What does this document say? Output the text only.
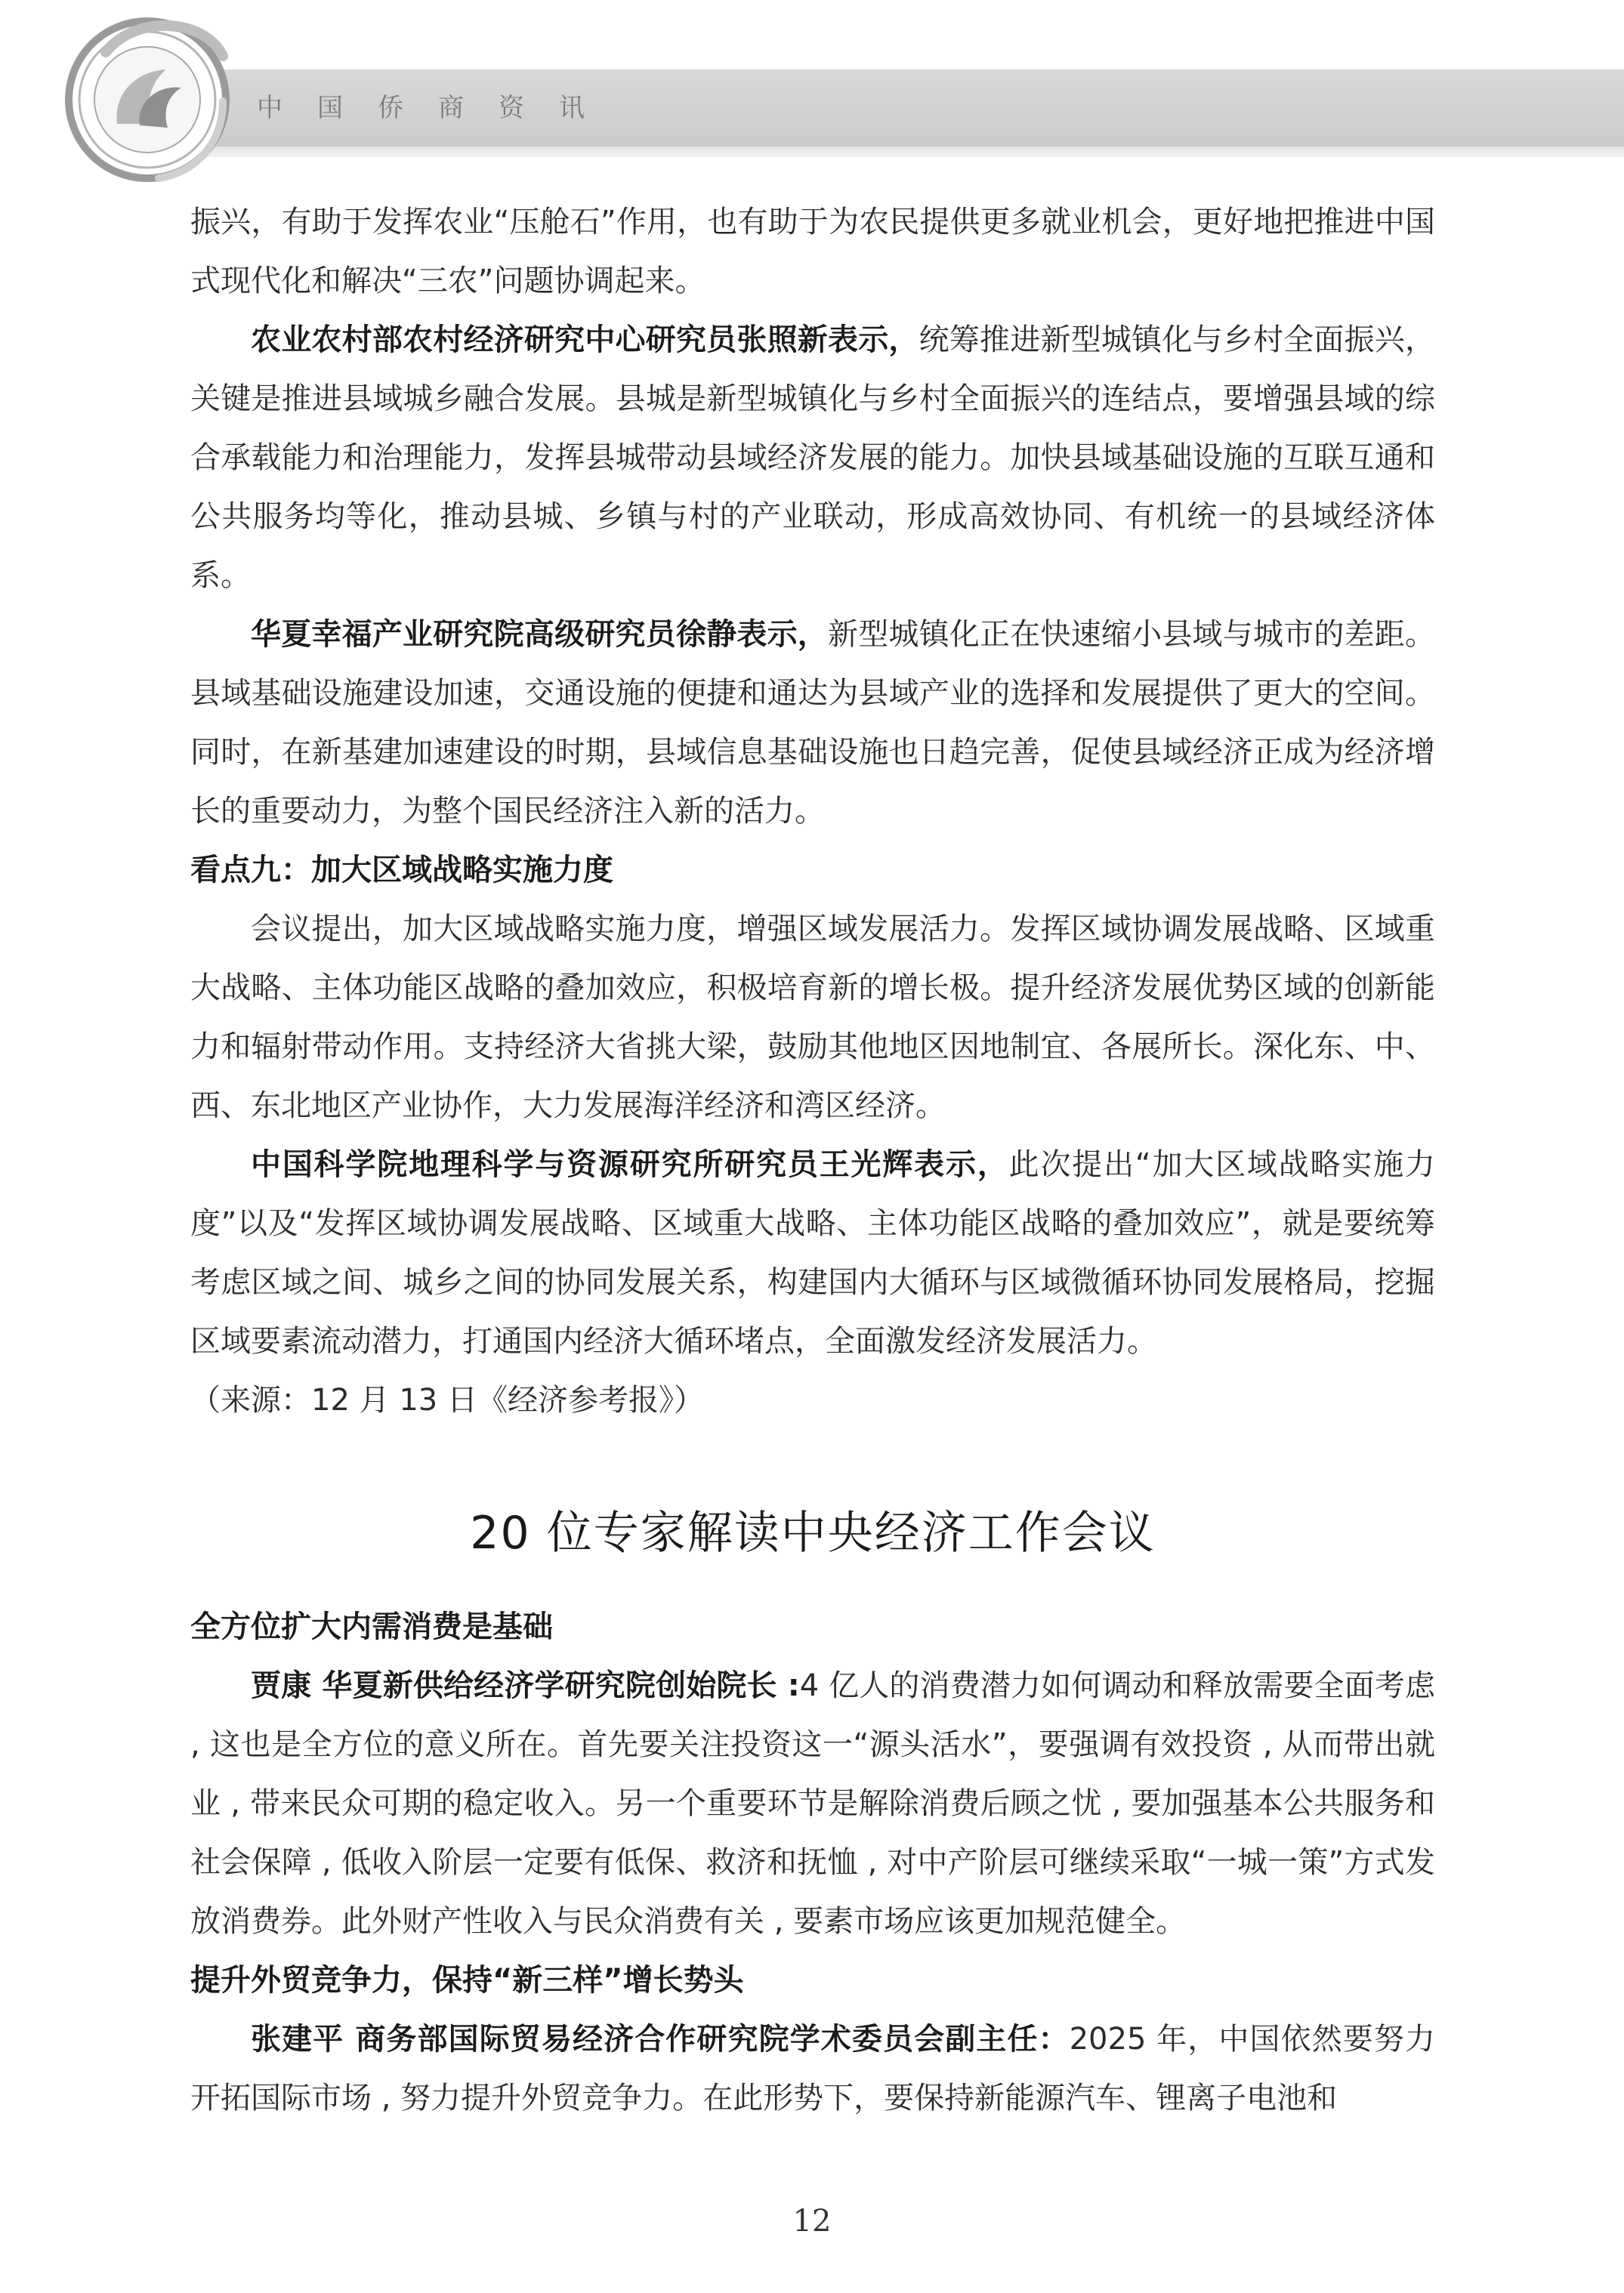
中国侨商资讯

振兴，有助于发挥农业“压舱石”作用，也有助于为农民提供更多就业机会，更好地把推进中国式现代化和解决“三农”问题协调起来。

农业农村部农村经济研究中心研究员张照新表示，统筹推进新型城镇化与乡村全面振兴，关键是推进县域城乡融合发展。县城是新型城镇化与乡村全面振兴的连结点，要增强县域的综合承载能力和治理能力，发挥县城带动县域经济发展的能力。加快县域基础设施的互联互通和公共服务均等化，推动县城、乡镇与村的产业联动，形成高效协同、有机统一的县域经济体系。

华夏幸福产业研究院高级研究员徐静表示，新型城镇化正在快速缩小县域与城市的差距。县域基础设施建设加速，交通设施的便捷和通达为县域产业的选择和发展提供了更大的空间。同时，在新基建加速建设的时期，县域信息基础设施也日趋完善，促使县域经济正成为经济增长的重要动力，为整个国民经济注入新的活力。

看点九：加大区域战略实施力度

会议提出，加大区域战略实施力度，增强区域发展活力。发挥区域协调发展战略、区域重大战略、主体功能区战略的叠加效应，积极培育新的增长极。提升经济发展优势区域的创新能力和辐射带动作用。支持经济大省挑大梁，鼓励其他地区因地制宜、各展所长。深化东、中、西、东北地区产业协作，大力发展海洋经济和湾区经济。

中国科学院地理科学与资源研究所研究员王光辉表示，此次提出“加大区域战略实施力度”以及“发挥区域协调发展战略、区域重大战略、主体功能区战略的叠加效应”，就是要统筹考虑区域之间、城乡之间的协同发展关系，构建国内大循环与区域微循环协同发展格局，挖掘区域要素流动潜力，打通国内经济大循环堵点，全面激发经济发展活力。

（来源：12 月 13 日《经济参考报》）

20 位专家解读中央经济工作会议

全方位扩大内需消费是基础

贾康 华夏新供给经济学研究院创始院长 :4 亿人的消费潜力如何调动和释放需要全面考虑 , 这也是全方位的意义所在。首先要关注投资这一“源头活水”，要强调有效投资 , 从而带出就业 , 带来民众可期的稳定收入。另一个重要环节是解除消费后顾之忧 , 要加强基本公共服务和社会保障 , 低收入阶层一定要有低保、救济和抚恤 , 对中产阶层可继续采取“一城一策”方式发放消费券。此外财产性收入与民众消费有关 , 要素市场应该更加规范健全。

提升外贸竞争力，保持“新三样”增长势头

张建平 商务部国际贸易经济合作研究院学术委员会副主任：2025 年，中国依然要努力开拓国际市场 , 努力提升外贸竞争力。在此形势下，要保持新能源汽车、锂离子电池和

12
